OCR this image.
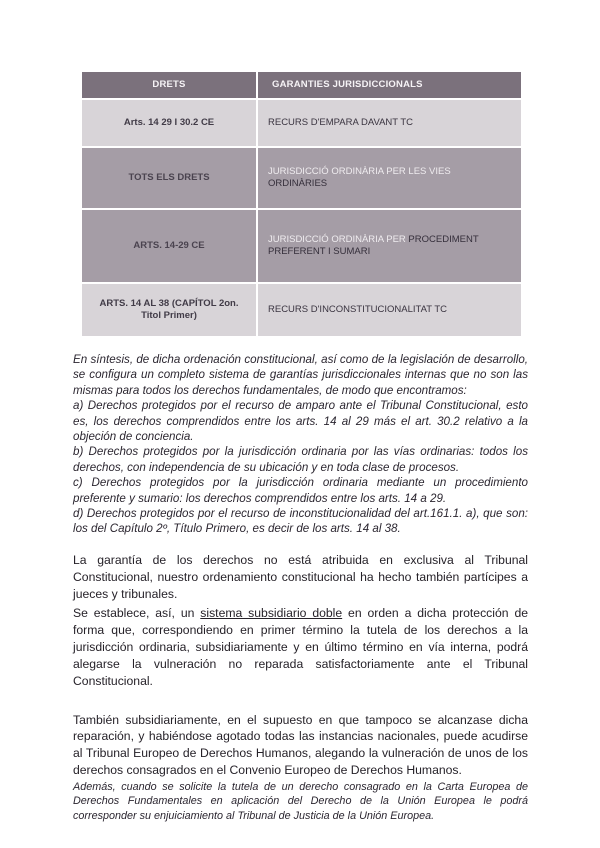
DRETS	GARANTIES JURISDICCIONALS
Arts. 14 29 I 30.2 CE	RECURS D'EMPARA DAVANT TC
TOTS ELS DRETS	JURISDICCIÓ ORDINÀRIA PER LES VIES ORDINÀRIES
ARTS. 14-29 CE	JURISDICCIÓ ORDINÀRIA PER PROCEDIMENT PREFERENT I SUMARI
ARTS. 14 AL 38 (CAPÍTOL 2on. Titol Primer)	RECURS D'INCONSTITUCIONALITAT TC
En síntesis, de dicha ordenación constitucional, así como de la legislación de desarrollo, se configura un completo sistema de garantías jurisdiccionales internas que no son las mismas para todos los derechos fundamentales, de modo que encontramos:
a) Derechos protegidos por el recurso de amparo ante el Tribunal Constitucional, esto es, los derechos comprendidos entre los arts. 14 al 29 más el art. 30.2 relativo a la objeción de conciencia.
b) Derechos protegidos por la jurisdicción ordinaria por las vías ordinarias: todos los derechos, con independencia de su ubicación y en toda clase de procesos.
c) Derechos protegidos por la jurisdicción ordinaria mediante un procedimiento preferente y sumario: los derechos comprendidos entre los arts. 14 a 29.
d) Derechos protegidos por el recurso de inconstitucionalidad del art.161.1. a), que son: los del Capítulo 2º, Título Primero, es decir de los arts. 14 al 38.
La garantía de los derechos no está atribuida en exclusiva al Tribunal Constitucional, nuestro ordenamiento constitucional ha hecho también partícipes a jueces y tribunales.
Se establece, así, un sistema subsidiario doble en orden a dicha protección de forma que, correspondiendo en primer término la tutela de los derechos a la jurisdicción ordinaria, subsidiariamente y en último término en vía interna, podrá alegarse la vulneración no reparada satisfactoriamente ante el Tribunal Constitucional.
También subsidiariamente, en el supuesto en que tampoco se alcanzase dicha reparación, y habiéndose agotado todas las instancias nacionales, puede acudirse al Tribunal Europeo de Derechos Humanos, alegando la vulneración de unos de los derechos consagrados en el Convenio Europeo de Derechos Humanos.
Además, cuando se solicite la tutela de un derecho consagrado en la Carta Europea de Derechos Fundamentales en aplicación del Derecho de la Unión Europea le podrá corresponder su enjuiciamiento al Tribunal de Justicia de la Unión Europea.
